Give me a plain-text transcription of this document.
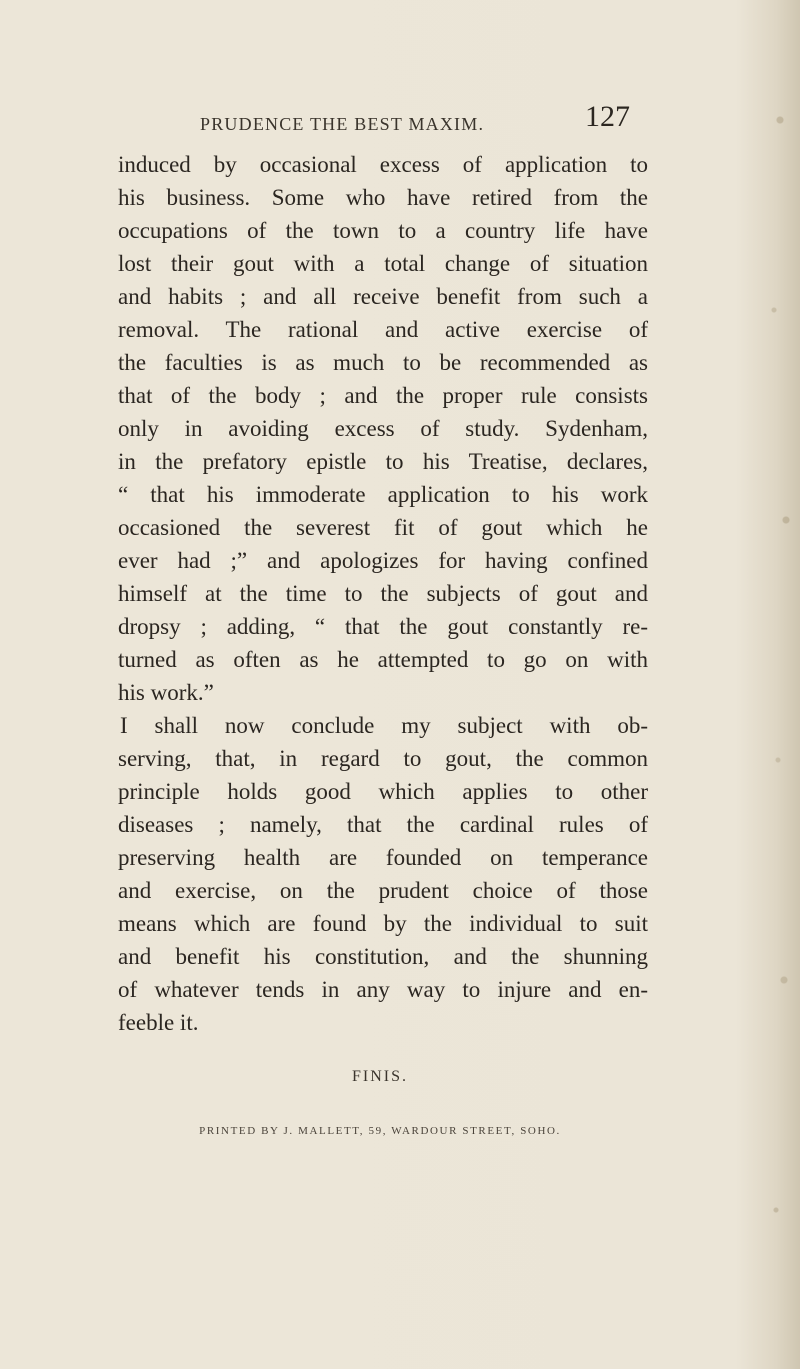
PRUDENCE THE BEST MAXIM.	127
induced by occasional excess of application to
his business. Some who have retired from the
occupations of the town to a country life have
lost their gout with a total change of situation
and habits ; and all receive benefit from such a
removal. The rational and active exercise of
the faculties is as much to be recommended as
that of the body ; and the proper rule consists
only in avoiding excess of study. Sydenham,
in the prefatory epistle to his Treatise, declares,
“ that his immoderate application to his work
occasioned the severest fit of gout which he
ever had ;” and apologizes for having confined
himself at the time to the subjects of gout and
dropsy ; adding, “ that the gout constantly re-
turned as often as he attempted to go on with
his work.”
I shall now conclude my subject with ob-
serving, that, in regard to gout, the common
principle holds good which applies to other
diseases ; namely, that the cardinal rules of
preserving health are founded on temperance
and exercise, on the prudent choice of those
means which are found by the individual to suit
and benefit his constitution, and the shunning
of whatever tends in any way to injure and en-
feeble it.
FINIS.
PRINTED BY J. MALLETT, 59, WARDOUR STREET, SOHO.
